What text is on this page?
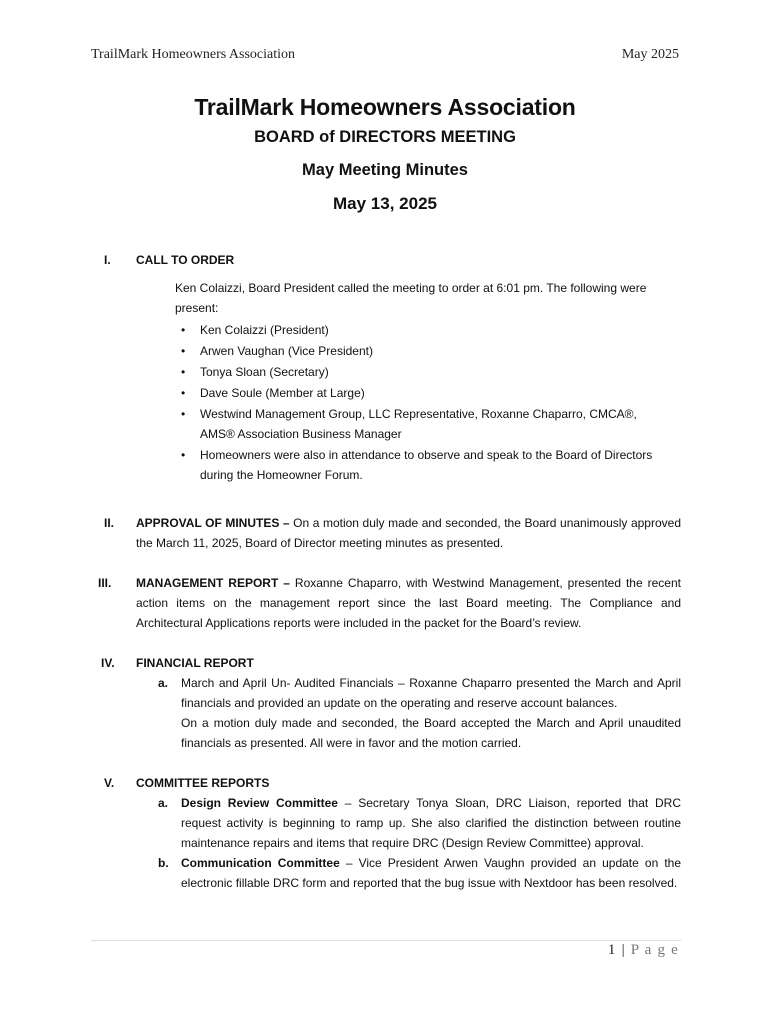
TrailMark Homeowners Association	May 2025
TrailMark Homeowners Association
BOARD of DIRECTORS MEETING
May Meeting Minutes
May 13, 2025
I. CALL TO ORDER
Ken Colaizzi, Board President called the meeting to order at 6:01 pm. The following were present:
• Ken Colaizzi (President)
• Arwen Vaughan (Vice President)
• Tonya Sloan (Secretary)
• Dave Soule (Member at Large)
• Westwind Management Group, LLC Representative, Roxanne Chaparro, CMCA®, AMS® Association Business Manager
• Homeowners were also in attendance to observe and speak to the Board of Directors during the Homeowner Forum.
II. APPROVAL OF MINUTES – On a motion duly made and seconded, the Board unanimously approved the March 11, 2025, Board of Director meeting minutes as presented.
III. MANAGEMENT REPORT – Roxanne Chaparro, with Westwind Management, presented the recent action items on the management report since the last Board meeting. The Compliance and Architectural Applications reports were included in the packet for the Board’s review.
IV. FINANCIAL REPORT
a. March and April Un- Audited Financials – Roxanne Chaparro presented the March and April financials and provided an update on the operating and reserve account balances.
On a motion duly made and seconded, the Board accepted the March and April unaudited financials as presented. All were in favor and the motion carried.
V. COMMITTEE REPORTS
a. Design Review Committee – Secretary Tonya Sloan, DRC Liaison, reported that DRC request activity is beginning to ramp up. She also clarified the distinction between routine maintenance repairs and items that require DRC (Design Review Committee) approval.
b. Communication Committee – Vice President Arwen Vaughn provided an update on the electronic fillable DRC form and reported that the bug issue with Nextdoor has been resolved.
1 | P a g e
